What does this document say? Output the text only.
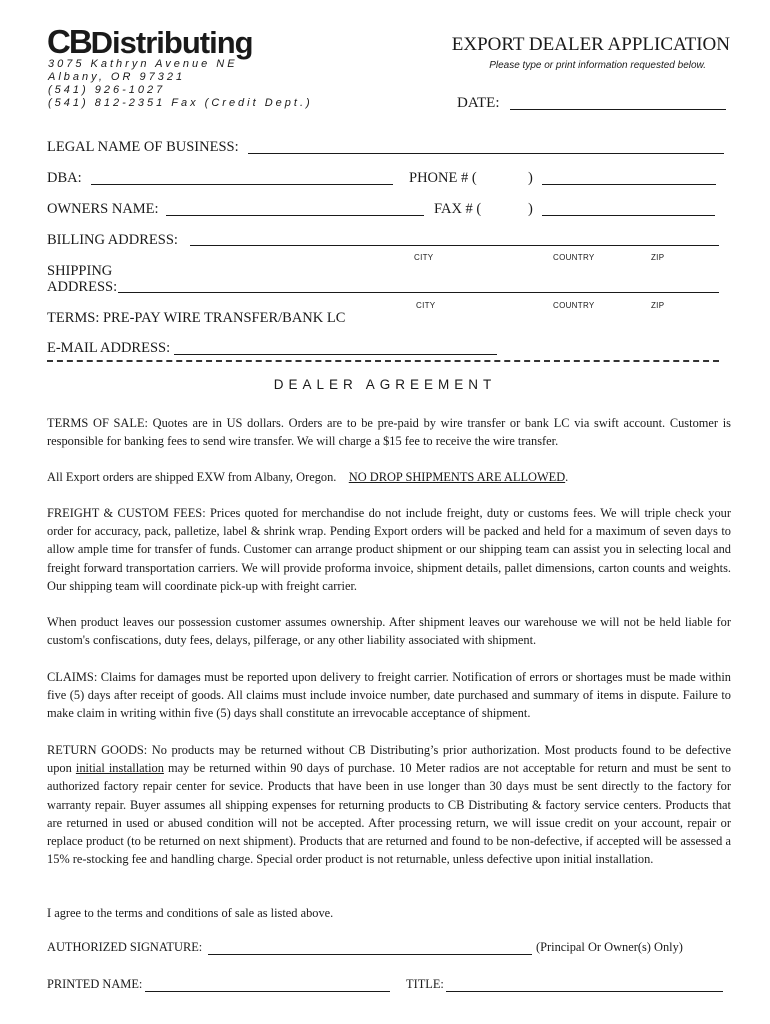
CBDistributing
3075 Kathryn Avenue NE
Albany, OR 97321
(541) 926-1027
(541) 812-2351 Fax (Credit Dept.)
EXPORT DEALER APPLICATION
Please type or print information requested below.
DATE:
LEGAL NAME OF BUSINESS:
DBA:	PHONE # (	)
OWNERS NAME:	FAX # (	)
BILLING ADDRESS:
CITY	COUNTRY	ZIP
SHIPPING
ADDRESS:
CITY	COUNTRY	ZIP
TERMS: PRE-PAY WIRE TRANSFER/BANK LC
E-MAIL ADDRESS:
DEALER AGREEMENT

TERMS OF SALE: Quotes are in US dollars. Orders are to be pre-paid by wire transfer or bank LC via swift account. Customer is responsible for banking fees to send wire transfer. We will charge a $15 fee to receive the wire transfer.

All Export orders are shipped EXW from Albany, Oregon. NO DROP SHIPMENTS ARE ALLOWED.

FREIGHT & CUSTOM FEES: Prices quoted for merchandise do not include freight, duty or customs fees. We will triple check your order for accuracy, pack, palletize, label & shrink wrap. Pending Export orders will be packed and held for a maximum of seven days to allow ample time for transfer of funds. Customer can arrange product shipment or our shipping team can assist you in selecting local and freight forward transportation carriers. We will provide proforma invoice, shipment details, pallet dimensions, carton counts and weights. Our shipping team will coordinate pick-up with freight carrier.

When product leaves our possession customer assumes ownership. After shipment leaves our warehouse we will not be held liable for custom's confiscations, duty fees, delays, pilferage, or any other liability associated with shipment.

CLAIMS: Claims for damages must be reported upon delivery to freight carrier. Notification of errors or shortages must be made within five (5) days after receipt of goods. All claims must include invoice number, date purchased and summary of items in dispute. Failure to make claim in writing within five (5) days shall constitute an irrevocable acceptance of shipment.

RETURN GOODS: No products may be returned without CB Distributing’s prior authorization. Most products found to be defective upon initial installation may be returned within 90 days of purchase. 10 Meter radios are not acceptable for return and must be sent to authorized factory repair center for sevice. Products that have been in use longer than 30 days must be sent directly to the factory for warranty repair. Buyer assumes all shipping expenses for returning products to CB Distributing & factory service centers. Products that are returned in used or abused condition will not be accepted. After processing return, we will issue credit on your account, repair or replace product (to be returned on next shipment). Products that are returned and found to be non-defective, if accepted will be assessed a 15% re-stocking fee and handling charge. Special order product is not returnable, unless defective upon initial installation.

I agree to the terms and conditions of sale as listed above.

AUTHORIZED SIGNATURE:	(Principal Or Owner(s) Only)
PRINTED NAME:	TITLE:
